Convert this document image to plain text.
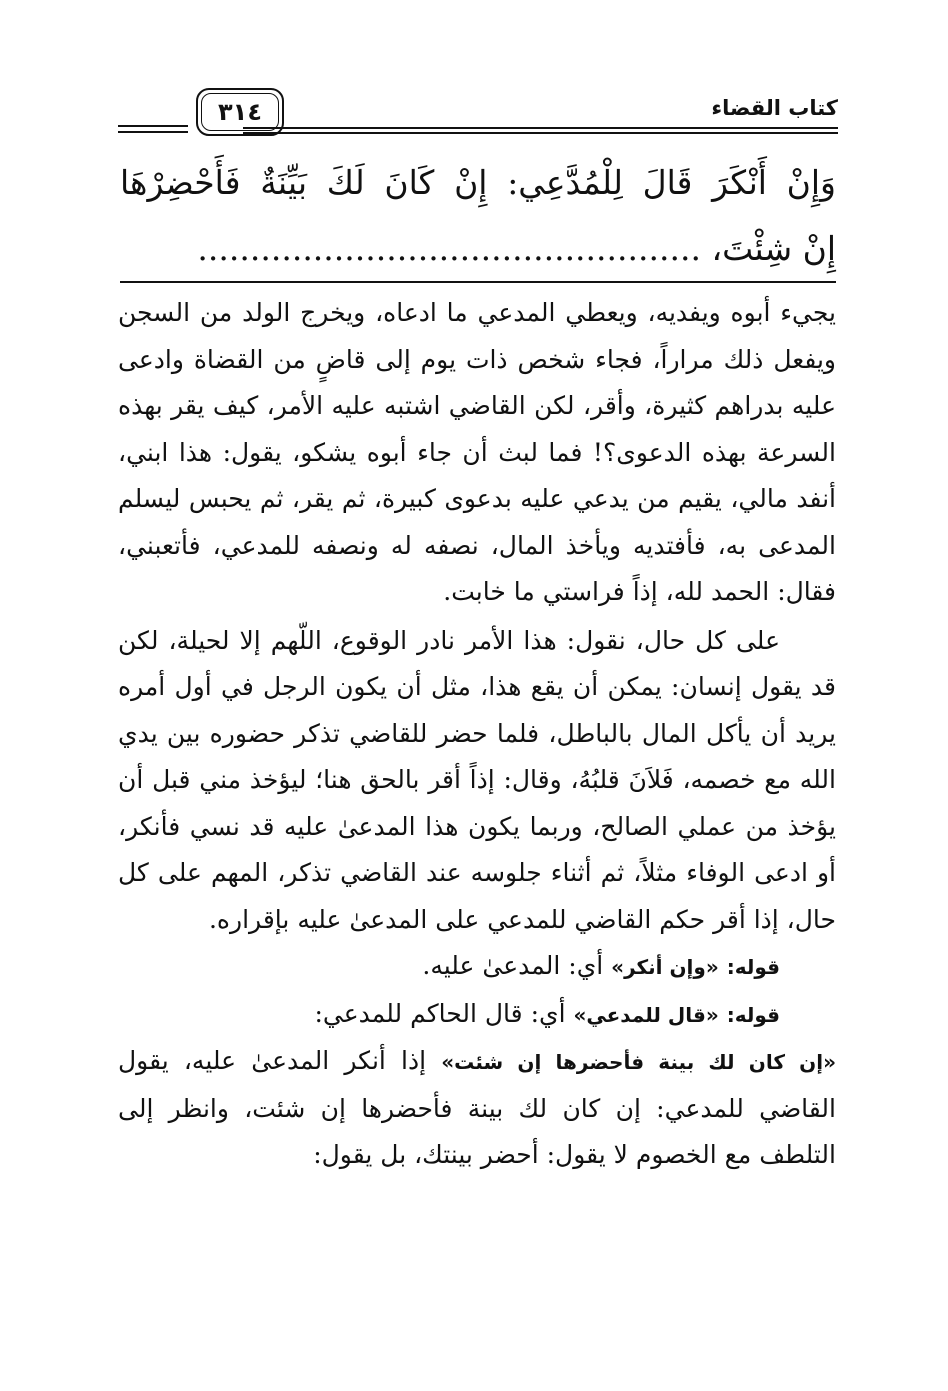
٣١٤	كتاب القضاء
وَإِنْ أَنْكَرَ قَالَ لِلْمُدَّعِي: إِنْ كَانَ لَكَ بَيِّنَةٌ فَأَحْضِرْهَا
إِنْ شِئْتَ، ................................................

يجيء أبوه ويفديه، ويعطي المدعي ما ادعاه، ويخرج الولد من السجن ويفعل ذلك مراراً، فجاء شخص ذات يوم إلى قاضٍ من القضاة وادعى عليه بدراهم كثيرة، وأقر، لكن القاضي اشتبه عليه الأمر، كيف يقر بهذه السرعة بهذه الدعوى؟! فما لبث أن جاء أبوه يشكو، يقول: هذا ابني، أنفد مالي، يقيم من يدعي عليه بدعوى كبيرة، ثم يقر، ثم يحبس ليسلم المدعى به، فأفتديه ويأخذ المال، نصفه له ونصفه للمدعي، فأتعبني، فقال: الحمد لله، إذاً فراستي ما خابت.

على كل حال، نقول: هذا الأمر نادر الوقوع، اللّهم إلا لحيلة، لكن قد يقول إنسان: يمكن أن يقع هذا، مثل أن يكون الرجل في أول أمره يريد أن يأكل المال بالباطل، فلما حضر للقاضي تذكر حضوره بين يدي الله مع خصمه، فَلاَنَ قلبُهُ، وقال: إذاً أقر بالحق هنا؛ ليؤخذ مني قبل أن يؤخذ من عملي الصالح، وربما يكون هذا المدعىٰ عليه قد نسي فأنكر، أو ادعى الوفاء مثلاً، ثم أثناء جلوسه عند القاضي تذكر، المهم على كل حال، إذا أقر حكم القاضي للمدعي على المدعىٰ عليه بإقراره.

قوله: «وإن أنكر» أي: المدعىٰ عليه.

قوله: «قال للمدعي» أي: قال الحاكم للمدعي:

«إن كان لك بينة فأحضرها إن شئت» إذا أنكر المدعىٰ عليه، يقول القاضي للمدعي: إن كان لك بينة فأحضرها إن شئت، وانظر إلى التلطف مع الخصوم لا يقول: أحضر بينتك، بل يقول:
